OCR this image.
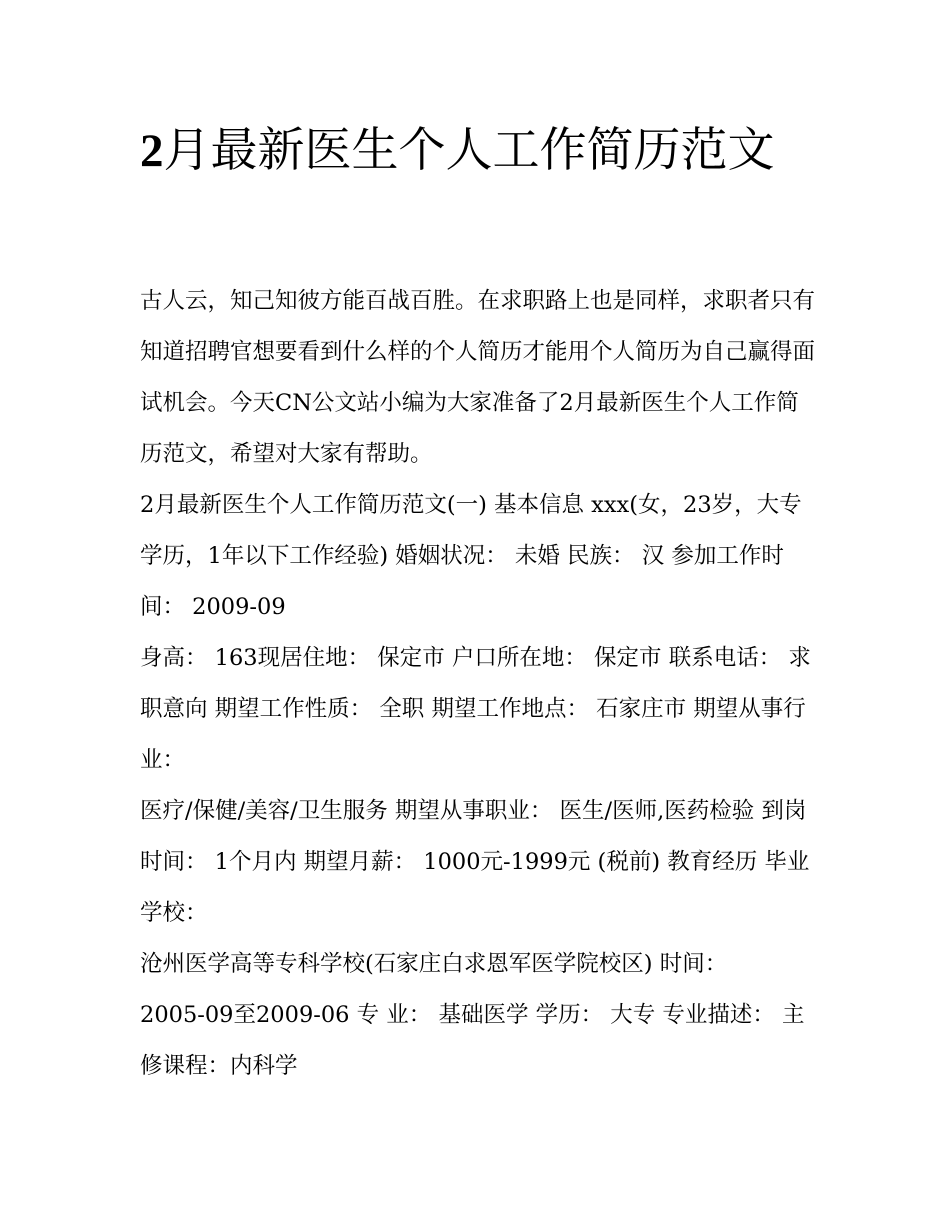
2月最新医生个人工作简历范文

古人云，知己知彼方能百战百胜。在求职路上也是同样，求职者只有知道招聘官想要看到什么样的个人简历才能用个人简历为自己赢得面试机会。今天CN公文站小编为大家准备了2月最新医生个人工作简历范文，希望对大家有帮助。

2月最新医生个人工作简历范文(一) 基本信息 xxx(女，23岁，大专学历，1年以下工作经验) 婚姻状况： 未婚 民族： 汉 参加工作时间： 2009-09

身高： 163现居住地： 保定市 户口所在地： 保定市 联系电话： 求职意向 期望工作性质： 全职 期望工作地点： 石家庄市 期望从事行业：

医疗/保健/美容/卫生服务 期望从事职业： 医生/医师,医药检验 到岗时间： 1个月内 期望月薪： 1000元-1999元 (税前) 教育经历 毕业学校：

沧州医学高等专科学校(石家庄白求恩军医学院校区) 时间：

2005-09至2009-06 专 业： 基础医学 学历： 大专 专业描述： 主修课程：内科学
